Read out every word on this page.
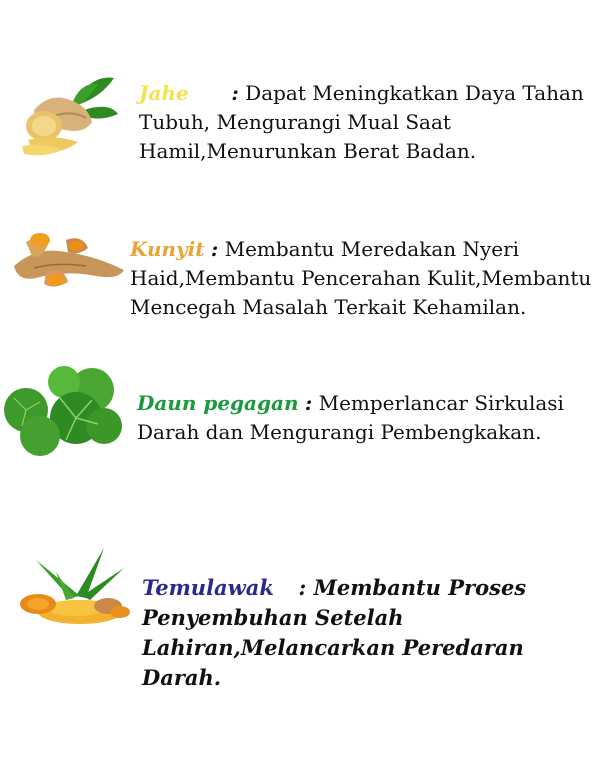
Jahe : Dapat Meningkatkan Daya Tahan Tubuh, Mengurangi Mual Saat Hamil,Menurunkan Berat Badan.
Kunyit : Membantu Meredakan Nyeri Haid,Membantu Pencerahan Kulit,Membantu Mencegah Masalah Terkait Kehamilan.
Daun pegagan : Memperlancar Sirkulasi Darah dan Mengurangi Pembengkakan.
Temulawak : Membantu Proses Penyembuhan Setelah Lahiran,Melancarkan Peredaran Darah.
